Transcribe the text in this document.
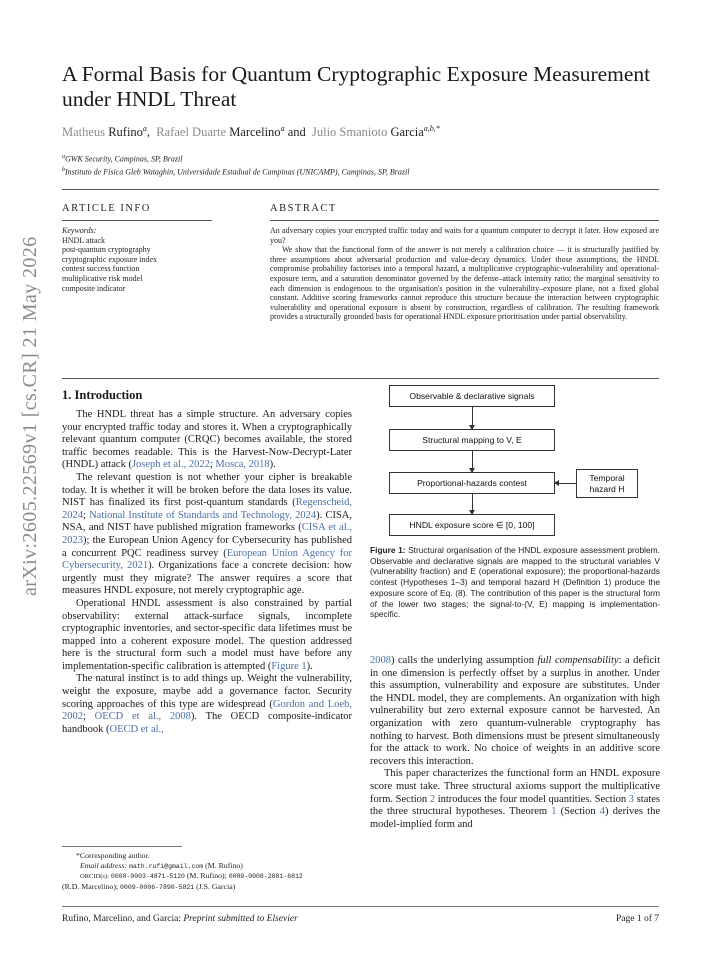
arXiv:2605.22569v1 [cs.CR] 21 May 2026
A Formal Basis for Quantum Cryptographic Exposure Measurement under HNDL Threat
Matheus Rufino$^a$,  Rafael Duarte Marcelino$^a$ and  Julio Smanioto Garcia$^{a,b,*}$
$^a$GWK Security, Campinas, SP, Brazil
$^b$Instituto de Física Gleb Wataghin, Universidade Estadual de Campinas (UNICAMP), Campinas, SP, Brazil
ARTICLE INFO	ABSTRACT
Keywords:
HNDL attack
post-quantum cryptography
cryptographic exposure index
contest success function
multiplicative risk model
composite indicator

An adversary copies your encrypted traffic today and waits for a quantum computer to decrypt it later. How exposed are you?

We show that the functional form of the answer is not merely a calibration choice — it is structurally justified by three assumptions about adversarial production and value-decay dynamics. Under those assumptions, the HNDL compromise probability factorises into a temporal hazard, a multiplicative cryptographic-vulnerability and operational-exposure term, and a saturation denominator governed by the defense–attack intensity ratio; the marginal sensitivity to each dimension is endogenous to the organisation's position in the vulnerability–exposure plane, not a fixed global constant. Additive scoring frameworks cannot reproduce this structure because the interaction between cryptographic vulnerability and operational exposure is absent by construction, regardless of calibration. The resulting framework provides a structurally grounded basis for operational HNDL exposure prioritisation under partial observability.

1. Introduction

The HNDL threat has a simple structure. An adversary copies your encrypted traffic today and stores it. When a cryptographically relevant quantum computer (CRQC) becomes available, the stored traffic becomes readable. This is the Harvest-Now-Decrypt-Later (HNDL) attack (Joseph et al., 2022; Mosca, 2018).

The relevant question is not whether your cipher is breakable today. It is whether it will be broken before the data loses its value. NIST has finalized its first post-quantum standards (Regenscheid, 2024; National Institute of Standards and Technology, 2024). CISA, NSA, and NIST have published migration frameworks (CISA et al., 2023); the European Union Agency for Cybersecurity has published a concurrent PQC readiness survey (European Union Agency for Cybersecurity, 2021). Organizations face a concrete decision: how urgently must they migrate? The answer requires a score that measures HNDL exposure, not merely cryptographic age.

Operational HNDL assessment is also constrained by partial observability: external attack-surface signals, incomplete cryptographic inventories, and sector-specific data lifetimes must be mapped into a coherent exposure model. The question addressed here is the structural form such a model must have before any implementation-specific calibration is attempted (Figure 1).

The natural instinct is to add things up. Weight the vulnerability, weight the exposure, maybe add a governance factor. Security scoring approaches of this type are widespread (Gordon and Loeb, 2002; OECD et al., 2008). The OECD composite-indicator handbook (OECD et al.,

Observable & declarative signals
Structural mapping to V, E
Proportional-hazards contest	Temporal
hazard H
HNDL exposure score ∈ [0, 100]
Figure 1: Structural organisation of the HNDL exposure assessment problem. Observable and declarative signals are mapped to the structural variables V (vulnerability fraction) and E (operational exposure); the proportional-hazards contest (Hypotheses 1–3) and temporal hazard H (Definition 1) produce the exposure score of Eq. (8). The contribution of this paper is the structural form of the lower two stages; the signal-to-(V, E) mapping is implementation-specific.

2008) calls the underlying assumption full compensability: a deficit in one dimension is perfectly offset by a surplus in another. Under this assumption, vulnerability and exposure are substitutes. Under the HNDL model, they are complements. An organization with high vulnerability but zero external exposure cannot be harvested. An organization with zero quantum-vulnerable cryptography has nothing to harvest. Both dimensions must be present simultaneously for the attack to work. No choice of weights in an additive score recovers this interaction.

This paper characterizes the functional form an HNDL exposure score must take. Three structural axioms support the multiplicative form. Section 2 introduces the four model quantities. Section 3 states the three structural hypotheses. Theorem 1 (Section 4) derives the model-implied form and

*Corresponding author.
Email address: math.rufi@gmail.com (M. Rufino)
ORCID(s): 0000-0003-4871-5120 (M. Rufino); 0009-0008-2081-6812
(R.D. Marcelino); 0009-0006-7890-5821 (J.S. Garcia)
Rufino, Marcelino, and Garcia: Preprint submitted to Elsevier	Page 1 of 7
